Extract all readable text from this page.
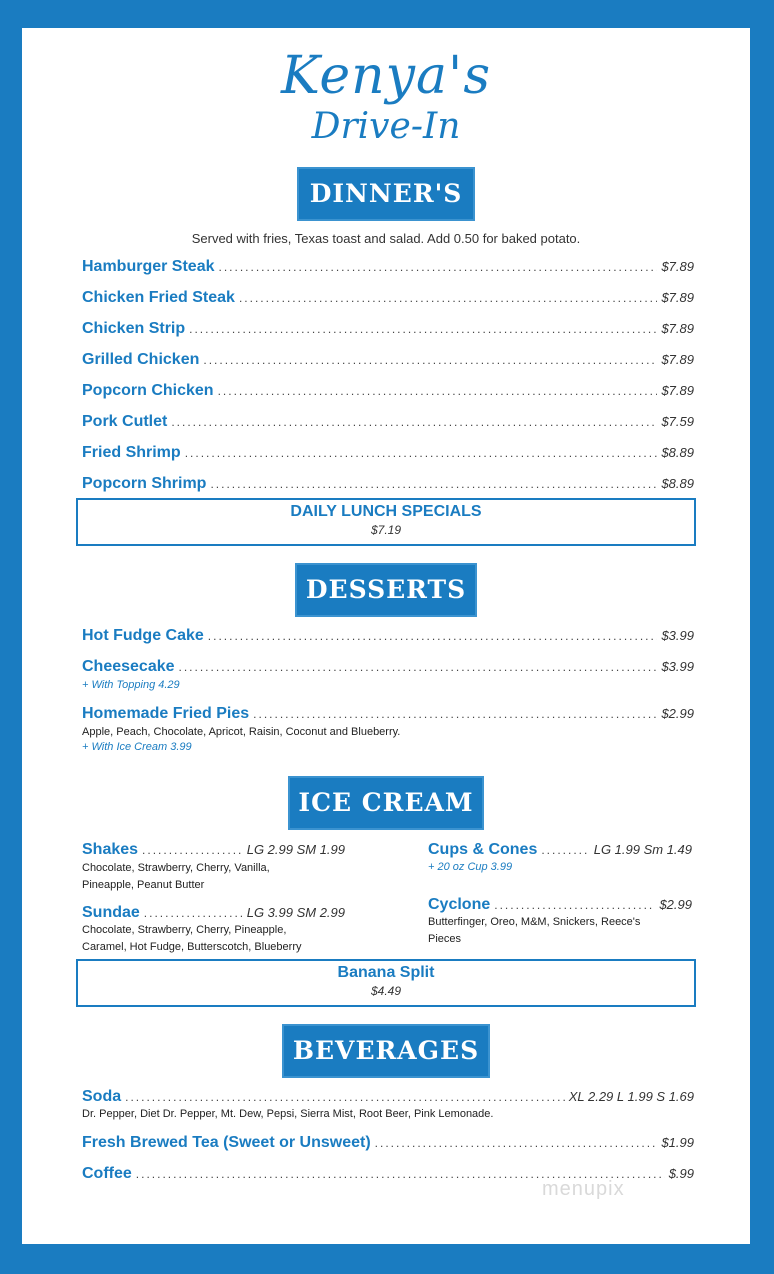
Kenya's
Drive-In
DINNER'S
Served with fries, Texas toast and salad. Add 0.50 for baked potato.
Hamburger Steak .....	$7.89
Chicken Fried Steak .....	$7.89
Chicken Strip .....	$7.89
Grilled Chicken .....	$7.89
Popcorn Chicken .....	$7.89
Pork Cutlet .....	$7.59
Fried Shrimp .....	$8.89
Popcorn Shrimp .....	$8.89
DAILY LUNCH SPECIALS
$7.19
DESSERTS
Hot Fudge Cake .....	$3.99
Cheesecake .....	$3.99
+ With Topping 4.29
Homemade Fried Pies .....	$2.99
Apple, Peach, Chocolate, Apricot, Raisin, Coconut and Blueberry.
+ With Ice Cream 3.99
ICE CREAM
Shakes .....	LG 2.99 SM 1.99
Chocolate, Strawberry, Cherry, Vanilla,
Pineapple, Peanut Butter
Sundae .....	LG 3.99 SM 2.99
Chocolate, Strawberry, Cherry, Pineapple,
Caramel, Hot Fudge, Butterscotch, Blueberry
Cups & Cones .....	LG 1.99 Sm 1.49
+ 20 oz Cup 3.99
Cyclone .....	$2.99
Butterfinger, Oreo, M&M, Snickers, Reece's
Pieces
Banana Split
$4.49
BEVERAGES
Soda .....	XL 2.29 L 1.99 S 1.69
Dr. Pepper, Diet Dr. Pepper, Mt. Dew, Pepsi, Sierra Mist, Root Beer, Pink Lemonade.
Fresh Brewed Tea (Sweet or Unsweet) .....	$1.99
Coffee .....	$.99
menupix
